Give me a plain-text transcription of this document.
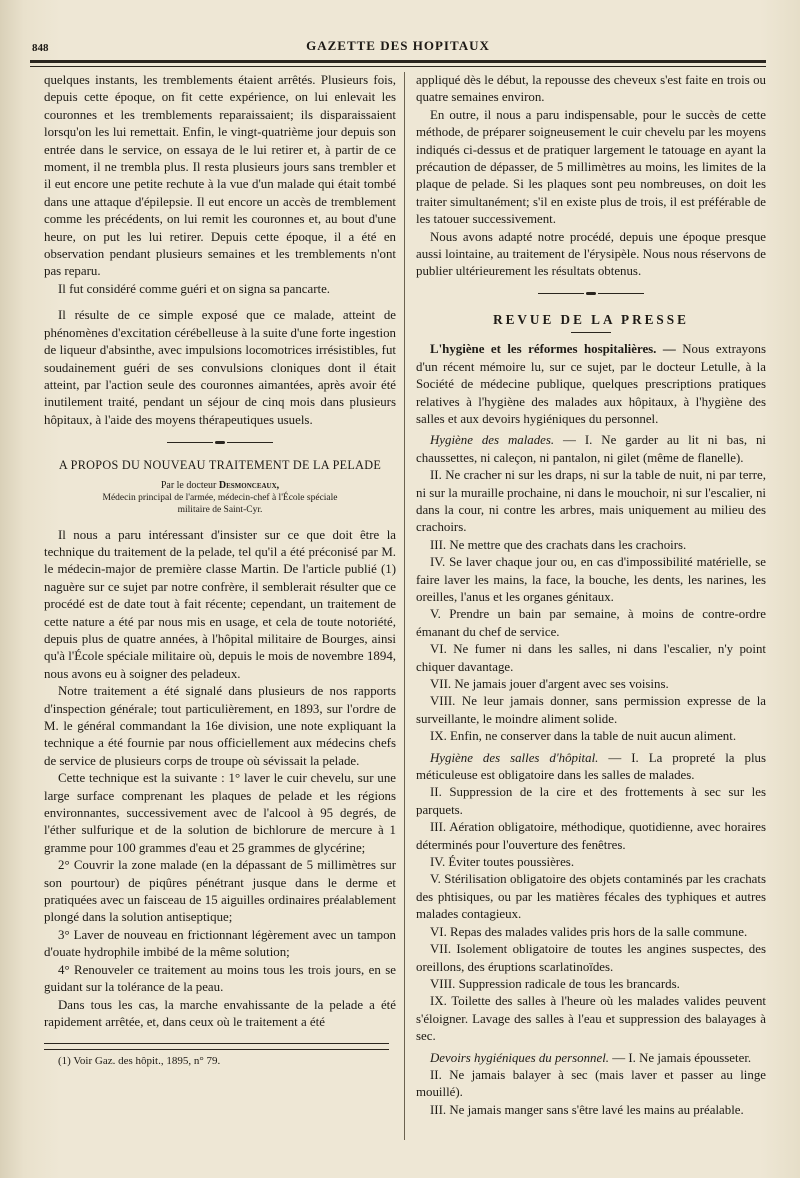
848	GAZETTE DES HOPITAUX

quelques instants, les tremblements étaient arrêtés. Plusieurs fois, depuis cette époque, on fit cette expérience, on lui enlevait les couronnes et les tremblements reparaissaient; ils disparaissaient lorsqu'on les lui remettait. Enfin, le vingt-quatrième jour depuis son entrée dans le service, on essaya de le lui retirer et, à partir de ce moment, il ne trembla plus. Il resta plusieurs jours sans trembler et il eut encore une petite rechute à la vue d'un malade qui était tombé dans une attaque d'épilepsie. Il eut encore un accès de tremblement comme les précédents, on lui remit les couronnes et, au bout d'une heure, on put les lui retirer. Depuis cette époque, il a été en observation pendant plusieurs semaines et les tremblements n'ont pas reparu.

Il fut considéré comme guéri et on signa sa pancarte.

Il résulte de ce simple exposé que ce malade, atteint de phénomènes d'excitation cérébelleuse à la suite d'une forte ingestion de liqueur d'absinthe, avec impulsions locomotrices irrésistibles, fut soudainement guéri de ses convulsions cloniques dont il était atteint, par l'action seule des couronnes aimantées, après avoir été inutilement traité, pendant un séjour de cinq mois dans plusieurs hôpitaux, à l'aide des moyens thérapeutiques usuels.

A PROPOS DU NOUVEAU TRAITEMENT DE LA PELADE
Par le docteur Desmonceaux,
Médecin principal de l'armée, médecin-chef à l'École spéciale
militaire de Saint-Cyr.

Il nous a paru intéressant d'insister sur ce que doit être la technique du traitement de la pelade, tel qu'il a été préconisé par M. le médecin-major de première classe Martin. De l'article publié (1) naguère sur ce sujet par notre confrère, il semblerait résulter que ce procédé est de date tout à fait récente; cependant, un traitement de cette nature a été par nous mis en usage, et cela de toute notoriété, depuis plus de quatre années, à l'hôpital militaire de Bourges, ainsi qu'à l'École spéciale militaire où, depuis le mois de novembre 1894, nous avons eu à soigner des peladeux.

Notre traitement a été signalé dans plusieurs de nos rapports d'inspection générale; tout particulièrement, en 1893, sur l'ordre de M. le général commandant la 16e division, une note expliquant la technique a été fournie par nous officiellement aux médecins chefs de service de plusieurs corps de troupe où sévissait la pelade.

Cette technique est la suivante : 1° laver le cuir chevelu, sur une large surface comprenant les plaques de pelade et les régions environnantes, successivement avec de l'alcool à 95 degrés, de l'éther sulfurique et de la solution de bichlorure de mercure à 1 gramme pour 100 grammes d'eau et 25 grammes de glycérine;

2° Couvrir la zone malade (en la dépassant de 5 millimètres sur son pourtour) de piqûres pénétrant jusque dans le derme et pratiquées avec un faisceau de 15 aiguilles ordinaires préalablement plongé dans la solution antiseptique;

3° Laver de nouveau en frictionnant légèrement avec un tampon d'ouate hydrophile imbibé de la même solution;

4° Renouveler ce traitement au moins tous les trois jours, en se guidant sur la tolérance de la peau.

Dans tous les cas, la marche envahissante de la pelade a été rapidement arrêtée, et, dans ceux où le traitement a été

(1) Voir Gaz. des hôpit., 1895, n° 79.

appliqué dès le début, la repousse des cheveux s'est faite en trois ou quatre semaines environ.

En outre, il nous a paru indispensable, pour le succès de cette méthode, de préparer soigneusement le cuir chevelu par les moyens indiqués ci-dessus et de pratiquer largement le tatouage en ayant la précaution de dépasser, de 5 millimètres au moins, les limites de la plaque de pelade. Si les plaques sont peu nombreuses, on doit les traiter simultanément; s'il en existe plus de trois, il est préférable de les tatouer successivement.

Nous avons adapté notre procédé, depuis une époque presque aussi lointaine, au traitement de l'érysipèle. Nous nous réservons de publier ultérieurement les résultats obtenus.

REVUE DE LA PRESSE

L'hygiène et les réformes hospitalières. — Nous extrayons d'un récent mémoire lu, sur ce sujet, par le docteur Letulle, à la Société de médecine publique, quelques prescriptions pratiques relatives à l'hygiène des malades aux hôpitaux, à l'hygiène des salles et aux devoirs hygiéniques du personnel.

Hygiène des malades. — I. Ne garder au lit ni bas, ni chaussettes, ni caleçon, ni pantalon, ni gilet (même de flanelle).

II. Ne cracher ni sur les draps, ni sur la table de nuit, ni par terre, ni sur la muraille prochaine, ni dans le mouchoir, ni sur l'escalier, ni dans la cour, ni contre les arbres, mais uniquement au milieu des crachoirs.

III. Ne mettre que des crachats dans les crachoirs.

IV. Se laver chaque jour ou, en cas d'impossibilité matérielle, se faire laver les mains, la face, la bouche, les dents, les narines, les oreilles, l'anus et les organes génitaux.

V. Prendre un bain par semaine, à moins de contre-ordre émanant du chef de service.

VI. Ne fumer ni dans les salles, ni dans l'escalier, n'y point chiquer davantage.

VII. Ne jamais jouer d'argent avec ses voisins.

VIII. Ne leur jamais donner, sans permission expresse de la surveillante, le moindre aliment solide.

IX. Enfin, ne conserver dans la table de nuit aucun aliment.

Hygiène des salles d'hôpital. — I. La propreté la plus méticuleuse est obligatoire dans les salles de malades.

II. Suppression de la cire et des frottements à sec sur les parquets.

III. Aération obligatoire, méthodique, quotidienne, avec horaires déterminés pour l'ouverture des fenêtres.

IV. Éviter toutes poussières.

V. Stérilisation obligatoire des objets contaminés par les crachats des phtisiques, ou par les matières fécales des typhiques et autres malades contagieux.

VI. Repas des malades valides pris hors de la salle commune.

VII. Isolement obligatoire de toutes les angines suspectes, des oreillons, des éruptions scarlatinoïdes.

VIII. Suppression radicale de tous les brancards.

IX. Toilette des salles à l'heure où les malades valides peuvent s'éloigner. Lavage des salles à l'eau et suppression des balayages à sec.

Devoirs hygiéniques du personnel. — I. Ne jamais épousseter.

II. Ne jamais balayer à sec (mais laver et passer au linge mouillé).

III. Ne jamais manger sans s'être lavé les mains au préalable.
